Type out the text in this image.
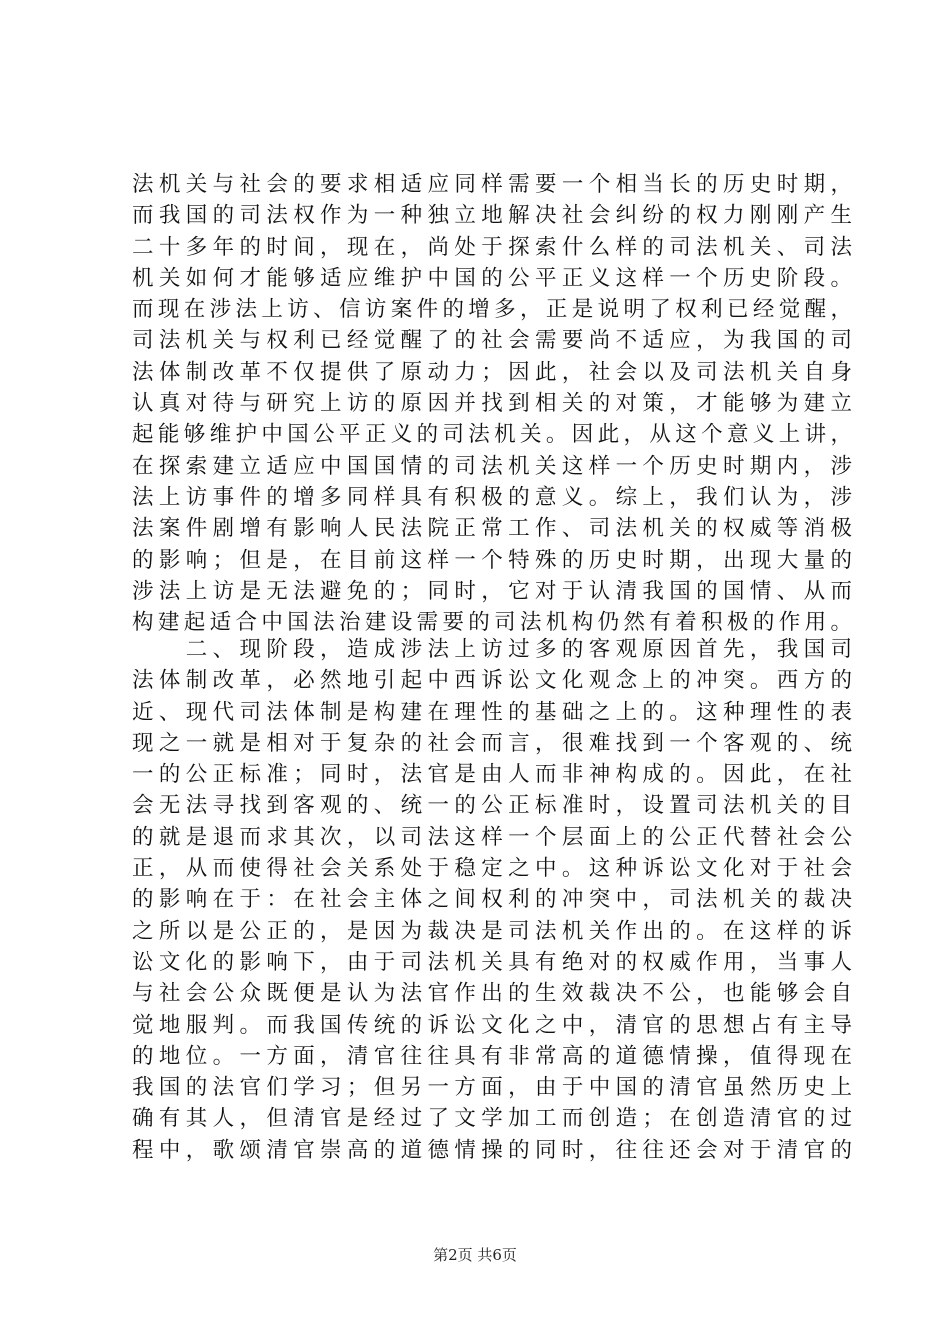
法机关与社会的要求相适应同样需要一个相当长的历史时期，
而我国的司法权作为一种独立地解决社会纠纷的权力刚刚产生
二十多年的时间，现在，尚处于探索什么样的司法机关、司法
机关如何才能够适应维护中国的公平正义这样一个历史阶段。
而现在涉法上访、信访案件的增多，正是说明了权利已经觉醒，
司法机关与权利已经觉醒了的社会需要尚不适应，为我国的司
法体制改革不仅提供了原动力；因此，社会以及司法机关自身
认真对待与研究上访的原因并找到相关的对策，才能够为建立
起能够维护中国公平正义的司法机关。因此，从这个意义上讲，
在探索建立适应中国国情的司法机关这样一个历史时期内，涉
法上访事件的增多同样具有积极的意义。综上，我们认为，涉
法案件剧增有影响人民法院正常工作、司法机关的权威等消极
的影响；但是，在目前这样一个特殊的历史时期，出现大量的
涉法上访是无法避免的；同时，它对于认清我国的国情、从而
构建起适合中国法治建设需要的司法机构仍然有着积极的作用。
　　二、现阶段，造成涉法上访过多的客观原因首先，我国司
法体制改革，必然地引起中西诉讼文化观念上的冲突。西方的
近、现代司法体制是构建在理性的基础之上的。这种理性的表
现之一就是相对于复杂的社会而言，很难找到一个客观的、统
一的公正标准；同时，法官是由人而非神构成的。因此，在社
会无法寻找到客观的、统一的公正标准时，设置司法机关的目
的就是退而求其次，以司法这样一个层面上的公正代替社会公
正，从而使得社会关系处于稳定之中。这种诉讼文化对于社会
的影响在于：在社会主体之间权利的冲突中，司法机关的裁决
之所以是公正的，是因为裁决是司法机关作出的。在这样的诉
讼文化的影响下，由于司法机关具有绝对的权威作用，当事人
与社会公众既便是认为法官作出的生效裁决不公，也能够会自
觉地服判。而我国传统的诉讼文化之中，清官的思想占有主导
的地位。一方面，清官往往具有非常高的道德情操，值得现在
我国的法官们学习；但另一方面，由于中国的清官虽然历史上
确有其人，但清官是经过了文学加工而创造；在创造清官的过
程中，歌颂清官崇高的道德情操的同时，往往还会对于清官的
第2页 共6页
